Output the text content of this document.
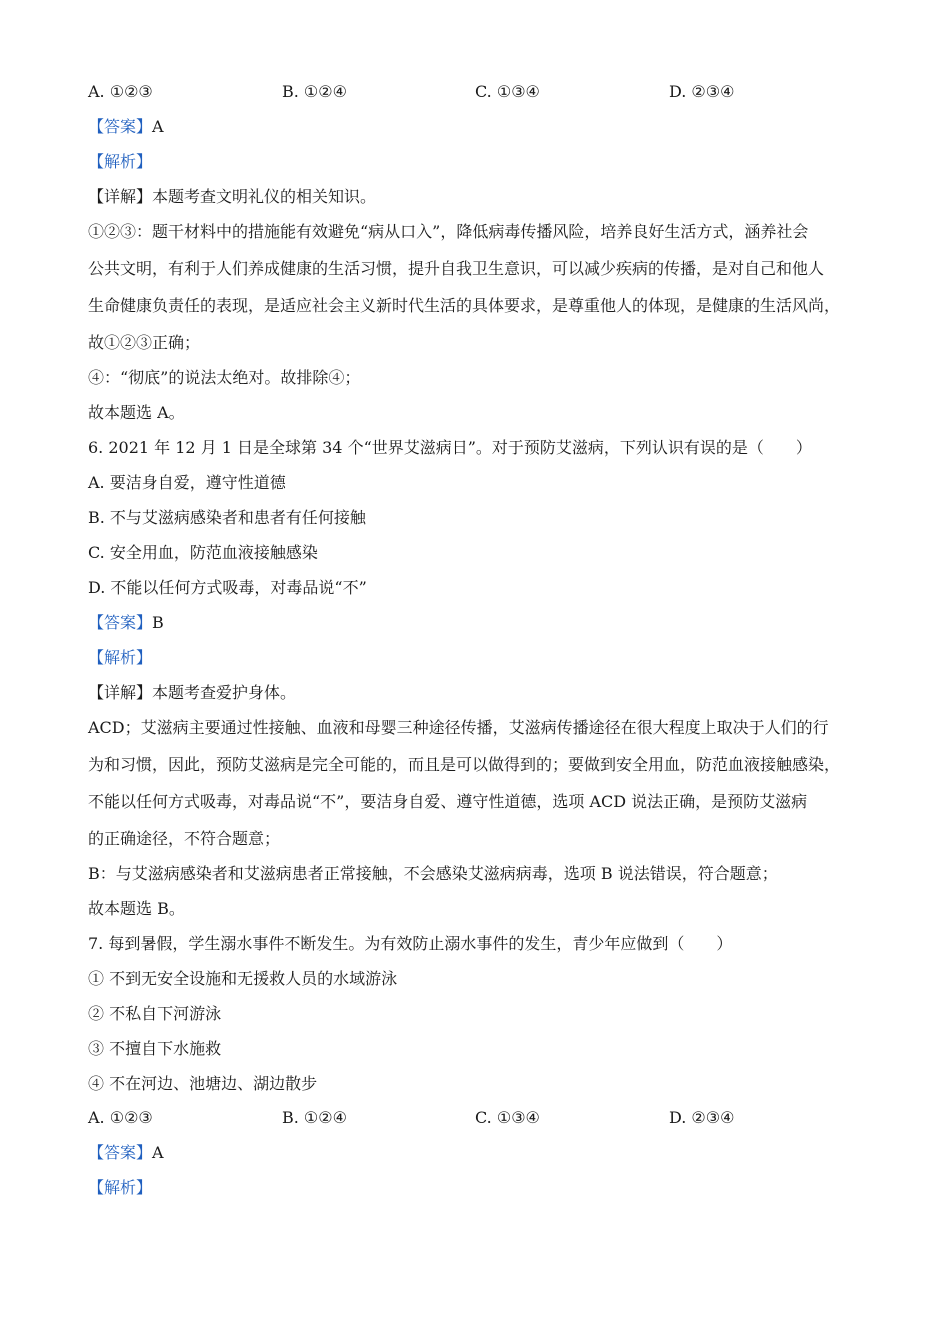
A. ①②③	B. ①②④	C. ①③④	D. ②③④
【答案】A
【解析】
【详解】本题考查文明礼仪的相关知识。
①②③：题干材料中的措施能有效避免“病从口入”，降低病毒传播风险，培养良好生活方式，涵养社会
公共文明，有利于人们养成健康的生活习惯，提升自我卫生意识，可以减少疾病的传播，是对自己和他人
生命健康负责任的表现，是适应社会主义新时代生活的具体要求，是尊重他人的体现，是健康的生活风尚，
故①②③正确；
④：“彻底”的说法太绝对。故排除④；
故本题选 A。
6. 2021 年 12 月 1 日是全球第 34 个“世界艾滋病日”。对于预防艾滋病，下列认识有误的是（　　）
A. 要洁身自爱，遵守性道德
B. 不与艾滋病感染者和患者有任何接触
C. 安全用血，防范血液接触感染
D. 不能以任何方式吸毒，对毒品说“不”
【答案】B
【解析】
【详解】本题考查爱护身体。
ACD；艾滋病主要通过性接触、血液和母婴三种途径传播，艾滋病传播途径在很大程度上取决于人们的行
为和习惯，因此，预防艾滋病是完全可能的，而且是可以做得到的；要做到安全用血，防范血液接触感染，
不能以任何方式吸毒，对毒品说“不”，要洁身自爱、遵守性道德，选项 ACD 说法正确，是预防艾滋病
的正确途径，不符合题意；
B：与艾滋病感染者和艾滋病患者正常接触，不会感染艾滋病病毒，选项 B 说法错误，符合题意；
故本题选 B。
7. 每到暑假，学生溺水事件不断发生。为有效防止溺水事件的发生，青少年应做到（　　）
① 不到无安全设施和无援救人员的水域游泳
② 不私自下河游泳
③ 不擅自下水施救
④ 不在河边、池塘边、湖边散步
A. ①②③	B. ①②④	C. ①③④	D. ②③④
【答案】A
【解析】
